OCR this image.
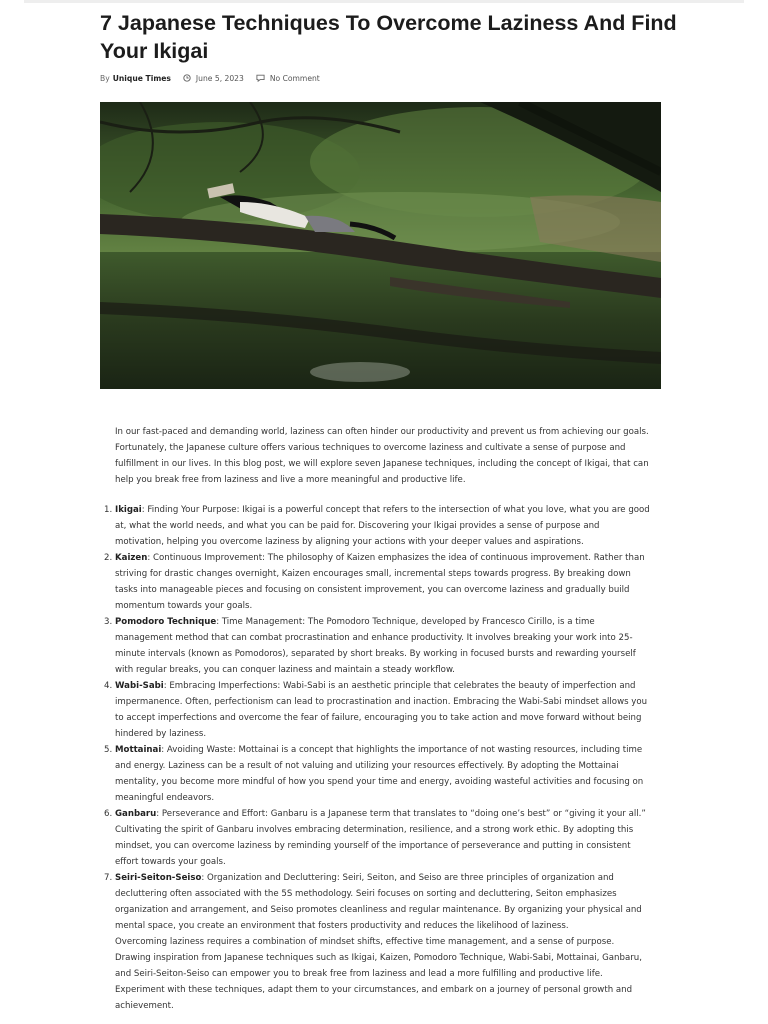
7 Japanese Techniques To Overcome Laziness And Find Your Ikigai
By Unique Times	June 5, 2023	No Comment

In our fast-paced and demanding world, laziness can often hinder our productivity and prevent us from achieving our goals. Fortunately, the Japanese culture offers various techniques to overcome laziness and cultivate a sense of purpose and fulfillment in our lives. In this blog post, we will explore seven Japanese techniques, including the concept of Ikigai, that can help you break free from laziness and live a more meaningful and productive life.

1. Ikigai: Finding Your Purpose: Ikigai is a powerful concept that refers to the intersection of what you love, what you are good at, what the world needs, and what you can be paid for. Discovering your Ikigai provides a sense of purpose and motivation, helping you overcome laziness by aligning your actions with your deeper values and aspirations.
2. Kaizen: Continuous Improvement: The philosophy of Kaizen emphasizes the idea of continuous improvement. Rather than striving for drastic changes overnight, Kaizen encourages small, incremental steps towards progress. By breaking down tasks into manageable pieces and focusing on consistent improvement, you can overcome laziness and gradually build momentum towards your goals.
3. Pomodoro Technique: Time Management: The Pomodoro Technique, developed by Francesco Cirillo, is a time management method that can combat procrastination and enhance productivity. It involves breaking your work into 25-minute intervals (known as Pomodoros), separated by short breaks. By working in focused bursts and rewarding yourself with regular breaks, you can conquer laziness and maintain a steady workflow.
4. Wabi-Sabi: Embracing Imperfections: Wabi-Sabi is an aesthetic principle that celebrates the beauty of imperfection and impermanence. Often, perfectionism can lead to procrastination and inaction. Embracing the Wabi-Sabi mindset allows you to accept imperfections and overcome the fear of failure, encouraging you to take action and move forward without being hindered by laziness.
5. Mottainai: Avoiding Waste: Mottainai is a concept that highlights the importance of not wasting resources, including time and energy. Laziness can be a result of not valuing and utilizing your resources effectively. By adopting the Mottainai mentality, you become more mindful of how you spend your time and energy, avoiding wasteful activities and focusing on meaningful endeavors.
6. Ganbaru: Perseverance and Effort: Ganbaru is a Japanese term that translates to “doing one’s best” or “giving it your all.” Cultivating the spirit of Ganbaru involves embracing determination, resilience, and a strong work ethic. By adopting this mindset, you can overcome laziness by reminding yourself of the importance of perseverance and putting in consistent effort towards your goals.
7. Seiri-Seiton-Seiso: Organization and Decluttering: Seiri, Seiton, and Seiso are three principles of organization and decluttering often associated with the 5S methodology. Seiri focuses on sorting and decluttering, Seiton emphasizes organization and arrangement, and Seiso promotes cleanliness and regular maintenance. By organizing your physical and mental space, you create an environment that fosters productivity and reduces the likelihood of laziness.

Overcoming laziness requires a combination of mindset shifts, effective time management, and a sense of purpose. Drawing inspiration from Japanese techniques such as Ikigai, Kaizen, Pomodoro Technique, Wabi-Sabi, Mottainai, Ganbaru, and Seiri-Seiton-Seiso can empower you to break free from laziness and lead a more fulfilling and productive life. Experiment with these techniques, adapt them to your circumstances, and embark on a journey of personal growth and achievement.
